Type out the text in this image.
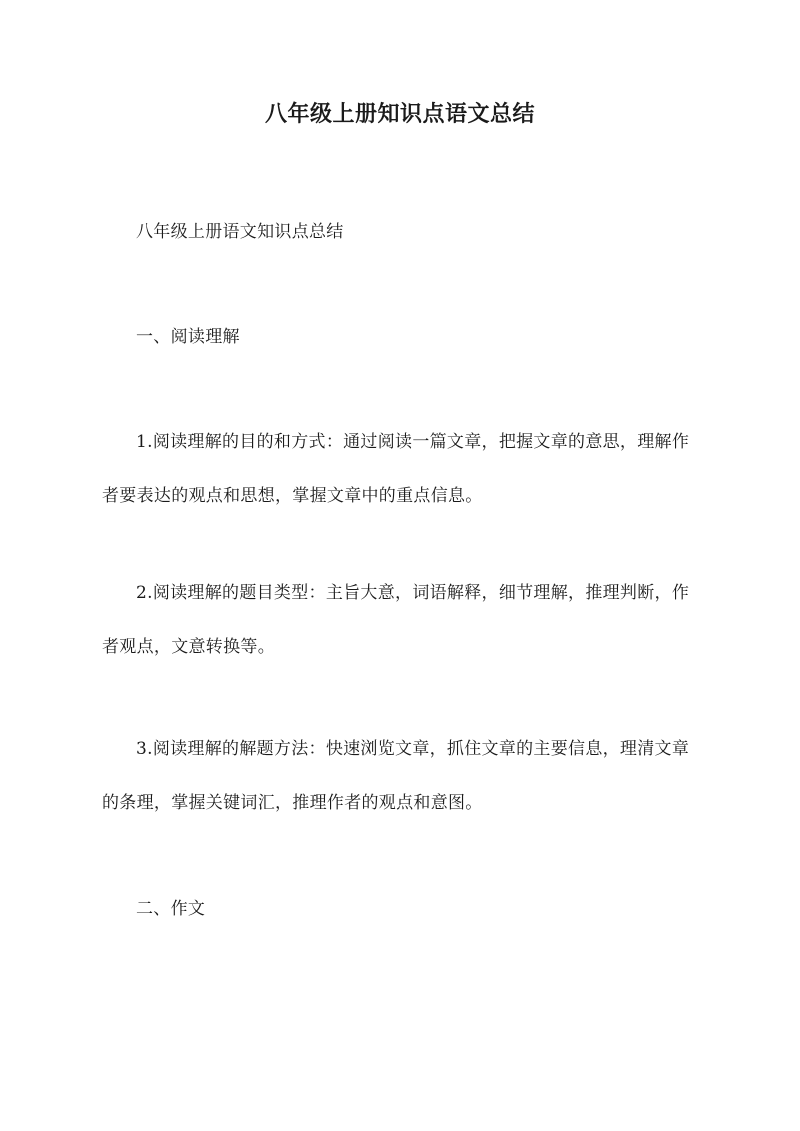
八年级上册知识点语文总结

八年级上册语文知识点总结

一、阅读理解

1.阅读理解的目的和方式：通过阅读一篇文章，把握文章的意思，理解作者要表达的观点和思想，掌握文章中的重点信息。

2.阅读理解的题目类型：主旨大意，词语解释，细节理解，推理判断，作者观点，文意转换等。

3.阅读理解的解题方法：快速浏览文章，抓住文章的主要信息，理清文章的条理，掌握关键词汇，推理作者的观点和意图。

二、作文
